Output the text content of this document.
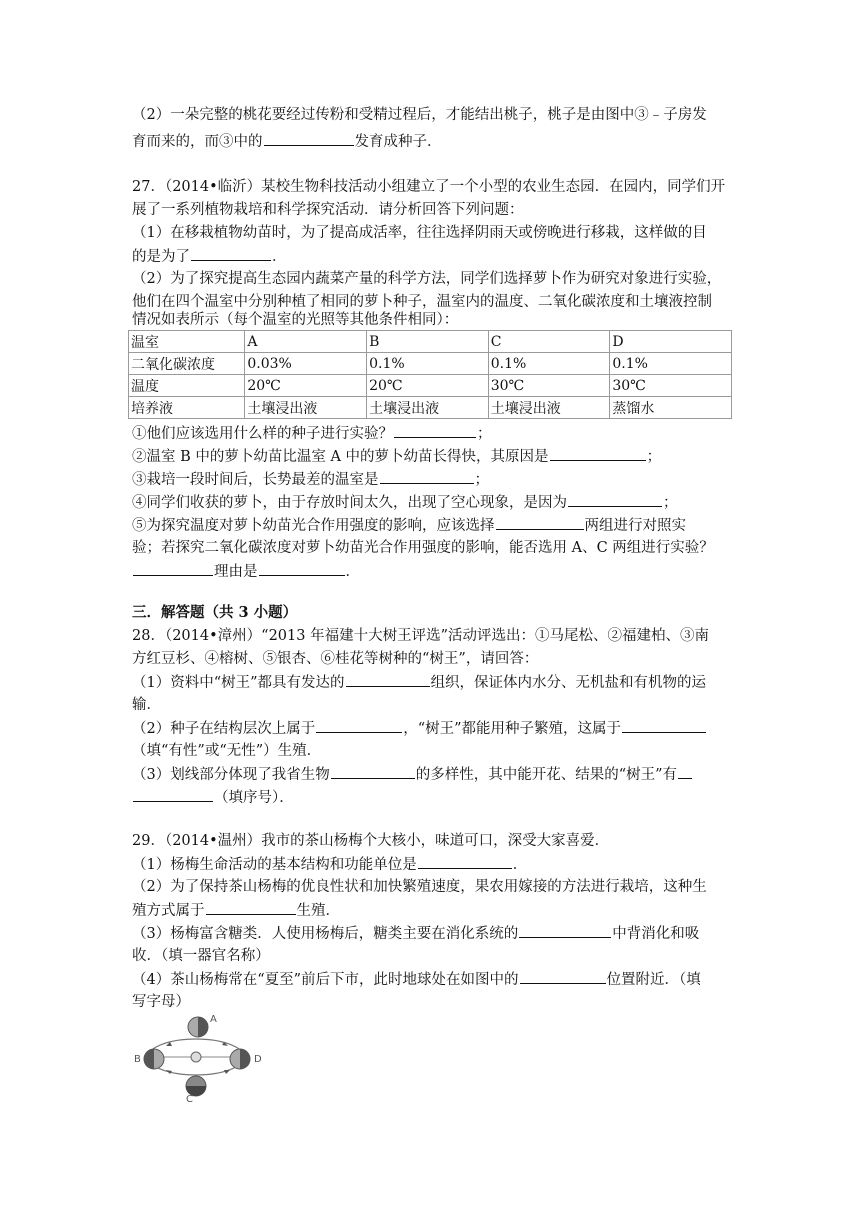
（2）一朵完整的桃花要经过传粉和受精过程后，才能结出桃子，桃子是由图中③﹣子房发
育而来的，而③中的	发育成种子．
27．（2014•临沂）某校生物科技活动小组建立了一个小型的农业生态园．在园内，同学们开
展了一系列植物栽培和科学探究活动．请分析回答下列问题：
（1）在移栽植物幼苗时，为了提高成活率，往往选择阴雨天或傍晚进行移栽，这样做的目
的是为了	．
（2）为了探究提高生态园内蔬菜产量的科学方法，同学们选择萝卜作为研究对象进行实验，
他们在四个温室中分别种植了相同的萝卜种子，温室内的温度、二氧化碳浓度和土壤液控制
情况如表所示（每个温室的光照等其他条件相同）：
温室	A	B	C	D
二氧化碳浓度	0.03%	0.1%	0.1%	0.1%
温度	20℃	20℃	30℃	30℃
培养液	土壤浸出液	土壤浸出液	土壤浸出液	蒸馏水
①他们应该选用什么样的种子进行实验？	；
②温室 B 中的萝卜幼苗比温室 A 中的萝卜幼苗长得快，其原因是	；
③栽培一段时间后，长势最差的温室是	；
④同学们收获的萝卜，由于存放时间太久，出现了空心现象，是因为	；
⑤为探究温度对萝卜幼苗光合作用强度的影响，应该选择	两组进行对照实
验；若探究二氧化碳浓度对萝卜幼苗光合作用强度的影响，能否选用 A、C 两组进行实验？
理由是	．
三．解答题（共 3 小题）
28．（2014•漳州）“2013 年福建十大树王评选”活动评选出：①马尾松、②福建柏、③南
方红豆杉、④榕树、⑤银杏、⑥桂花等树种的“树王”，请回答：
（1）资料中“树王”都具有发达的	组织，保证体内水分、无机盐和有机物的运
输．
（2）种子在结构层次上属于	，“树王”都能用种子繁殖，这属于
（填“有性”或“无性”）生殖．
（3）划线部分体现了我省生物	的多样性，其中能开花、结果的“树王”有
（填序号）．
29．（2014•温州）我市的茶山杨梅个大核小，味道可口，深受大家喜爱．
（1）杨梅生命活动的基本结构和功能单位是	．
（2）为了保持茶山杨梅的优良性状和加快繁殖速度，果农用嫁接的方法进行栽培，这种生
殖方式属于	生殖．
（3）杨梅富含糖类．人使用杨梅后，糖类主要在消化系统的	中背消化和吸
收．（填一器官名称）
（4）茶山杨梅常在“夏至”前后下市，此时地球处在如图中的	位置附近．（填
写字母）
A
B
C
D
